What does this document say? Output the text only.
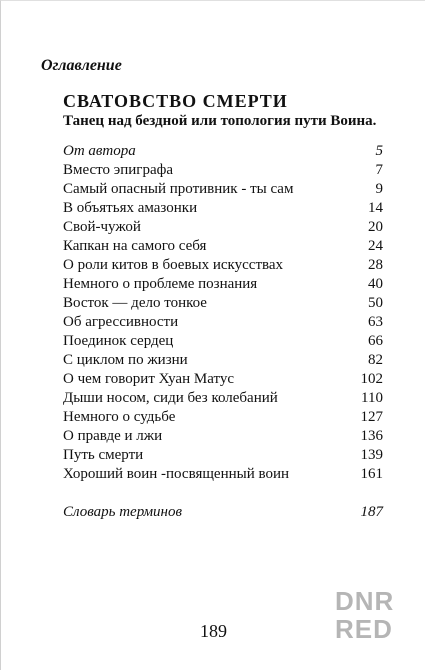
Оглавление
СВАТОВСТВО СМЕРТИ
Танец над бездной или топология пути Воина.
От автора	5
Вместо эпиграфа	7
Самый опасный противник - ты сам	9
В объятьях амазонки	14
Свой-чужой	20
Капкан на самого себя	24
О роли китов в боевых искусствах	28
Немного о проблеме познания	40
Восток — дело тонкое	50
Об агрессивности	63
Поединок сердец	66
С циклом по жизни	82
О чем говорит Хуан Матус	102
Дыши носом, сиди без колебаний	110
Немного о судьбе	127
О правде и лжи	136
Путь смерти	139
Хороший воин -посвященный воин	161
Словарь терминов	187
189
DNR
RED
